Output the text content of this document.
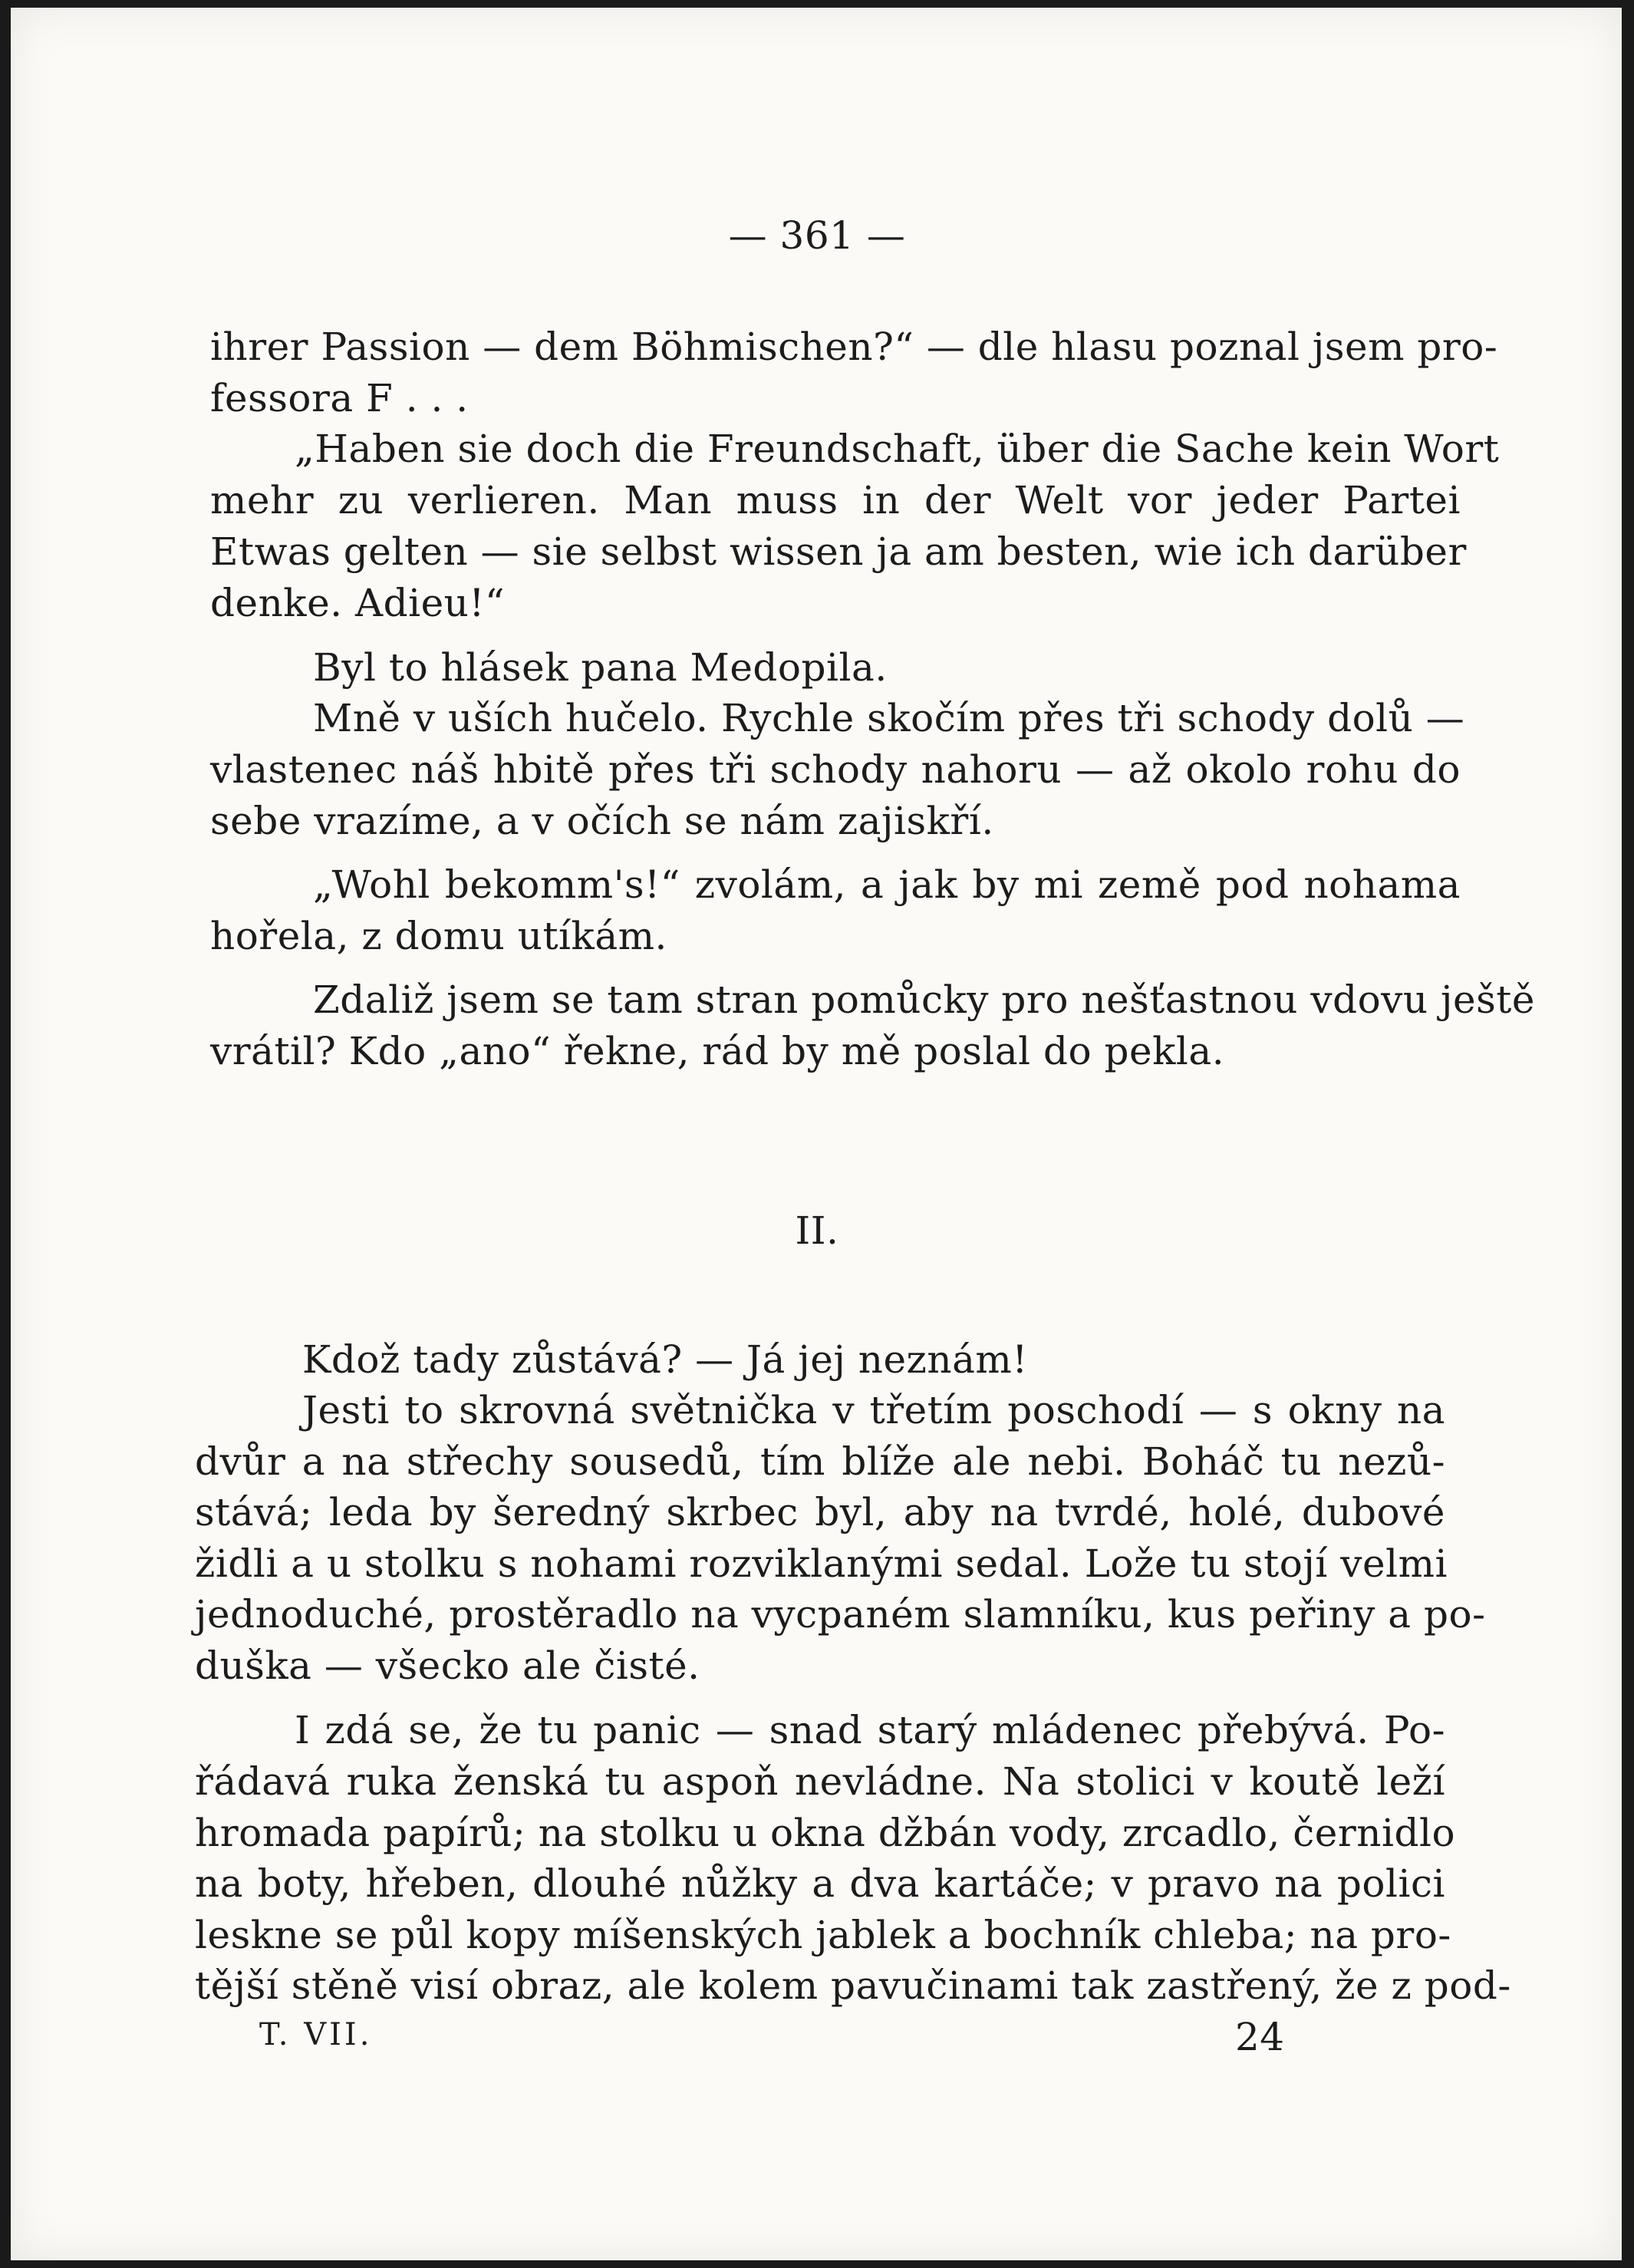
— 361 —
ihrer Passion — dem Böhmischen?“ — dle hlasu poznal jsem pro-
fessora F . . .
„Haben sie doch die Freundschaft, über die Sache kein Wort
mehr zu verlieren. Man muss in der Welt vor jeder Partei
Etwas gelten — sie selbst wissen ja am besten, wie ich darüber
denke. Adieu!“
Byl to hlásek pana Medopila.
Mně v uších hučelo. Rychle skočím přes tři schody dolů —
vlastenec náš hbitě přes tři schody nahoru — až okolo rohu do
sebe vrazíme, a v očích se nám zajiskří.
„Wohl bekomm's!“ zvolám, a jak by mi země pod nohama
hořela, z domu utíkám.
Zdaliž jsem se tam stran pomůcky pro nešťastnou vdovu ještě
vrátil? Kdo „ano“ řekne, rád by mě poslal do pekla.
II.
Kdož tady zůstává? — Já jej neznám!
Jesti to skrovná světnička v třetím poschodí — s okny na
dvůr a na střechy sousedů, tím blíže ale nebi. Boháč tu nezů-
stává; leda by šeredný skrbec byl, aby na tvrdé, holé, dubové
židli a u stolku s nohami rozviklanými sedal. Lože tu stojí velmi
jednoduché, prostěradlo na vycpaném slamníku, kus peřiny a po-
duška — všecko ale čisté.
I zdá se, že tu panic — snad starý mládenec přebývá. Po-
řádavá ruka ženská tu aspoň nevládne. Na stolici v koutě leží
hromada papírů; na stolku u okna džbán vody, zrcadlo, černidlo
na boty, hřeben, dlouhé nůžky a dva kartáče; v pravo na polici
leskne se půl kopy míšenských jablek a bochník chleba; na pro-
tější stěně visí obraz, ale kolem pavučinami tak zastřený, že z pod-
T. VII.	24
